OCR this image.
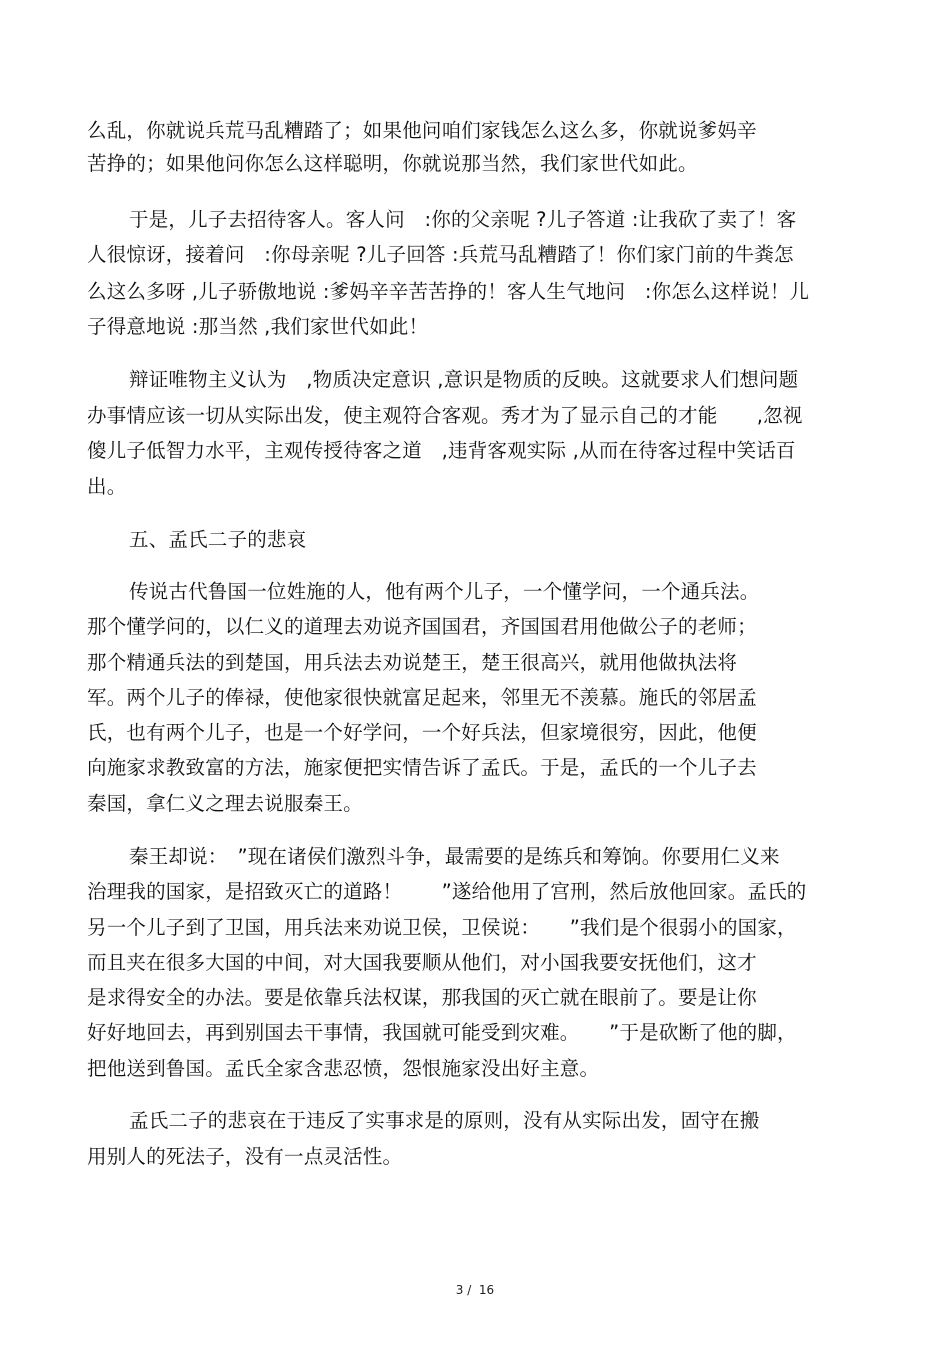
么乱，你就说兵荒马乱糟踏了；如果他问咱们家钱怎么这么多，你就说爹妈辛
苦挣的；如果他问你怎么这样聪明，你就说那当然，我们家世代如此。
于是，儿子去招待客人。客人问　:你的父亲呢 ?儿子答道 :让我砍了卖了！客
人很惊讶，接着问　:你母亲呢 ?儿子回答 :兵荒马乱糟踏了！你们家门前的牛粪怎
么这么多呀 ,儿子骄傲地说 :爹妈辛辛苦苦挣的！客人生气地问　:你怎么这样说！儿
子得意地说 :那当然 ,我们家世代如此！
辩证唯物主义认为　,物质决定意识 ,意识是物质的反映。这就要求人们想问题
办事情应该一切从实际出发，使主观符合客观。秀才为了显示自己的才能　　,忽视
傻儿子低智力水平，主观传授待客之道　,违背客观实际 ,从而在待客过程中笑话百
出。
五、孟氏二子的悲哀
传说古代鲁国一位姓施的人，他有两个儿子，一个懂学问，一个通兵法。
那个懂学问的，以仁义的道理去劝说齐国国君，齐国国君用他做公子的老师；
那个精通兵法的到楚国，用兵法去劝说楚王，楚王很高兴，就用他做执法将
军。两个儿子的俸禄，使他家很快就富足起来，邻里无不羡慕。施氏的邻居孟
氏，也有两个儿子，也是一个好学问，一个好兵法，但家境很穷，因此，他便
向施家求教致富的方法，施家便把实情告诉了孟氏。于是，孟氏的一个儿子去
秦国，拿仁义之理去说服秦王。
秦王却说：　”现在诸侯们激烈斗争，最需要的是练兵和筹饷。你要用仁义来
治理我的国家，是招致灭亡的道路！　　”遂给他用了宫刑，然后放他回家。孟氏的
另一个儿子到了卫国，用兵法来劝说卫侯，卫侯说：　　”我们是个很弱小的国家，
而且夹在很多大国的中间，对大国我要顺从他们，对小国我要安抚他们，这才
是求得安全的办法。要是依靠兵法权谋，那我国的灭亡就在眼前了。要是让你
好好地回去，再到别国去干事情，我国就可能受到灾难。　　”于是砍断了他的脚，
把他送到鲁国。孟氏全家含悲忍愤，怨恨施家没出好主意。
孟氏二子的悲哀在于违反了实事求是的原则，没有从实际出发，固守在搬
用别人的死法子，没有一点灵活性。
3 /  16
